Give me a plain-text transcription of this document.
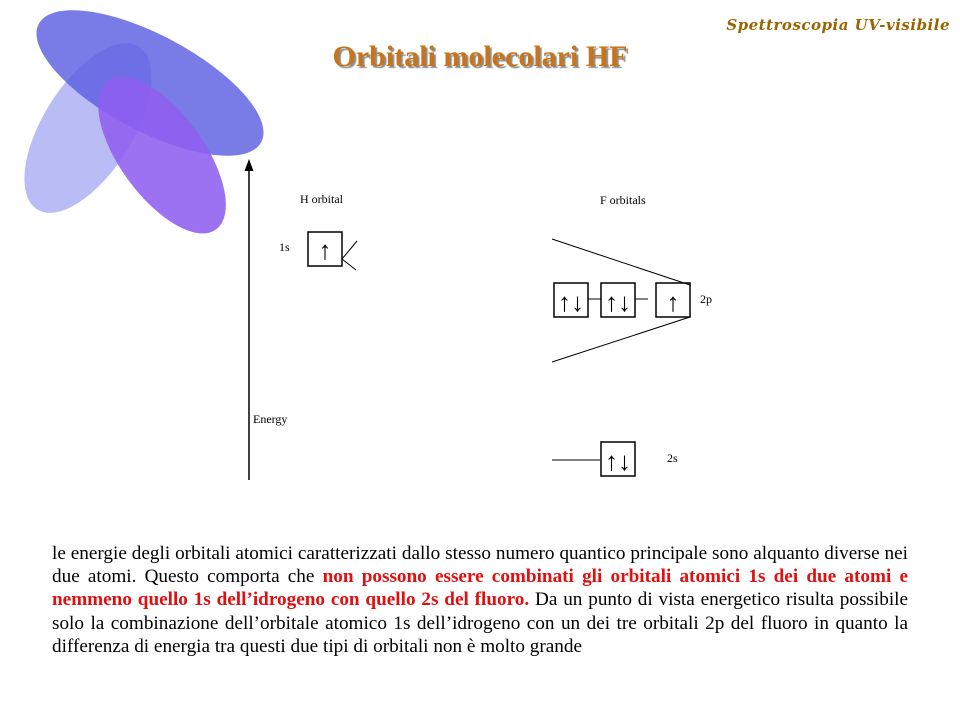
Spettroscopia UV-visibile
Orbitali molecolari HF
Energy
H orbital
1s ↑
F orbitals
↑↓ ↑↓ ↑ 2p
↑↓	2s
le energie degli orbitali atomici caratterizzati dallo stesso numero quantico principale sono alquanto diverse nei due atomi. Questo comporta che non possono essere combinati gli orbitali atomici 1s dei due atomi e nemmeno quello 1s dell’idrogeno con quello 2s del fluoro. Da un punto di vista energetico risulta possibile solo la combinazione dell’orbitale atomico 1s dell’idrogeno con un dei tre orbitali 2p del fluoro in quanto la differenza di energia tra questi due tipi di orbitali non è molto grande
